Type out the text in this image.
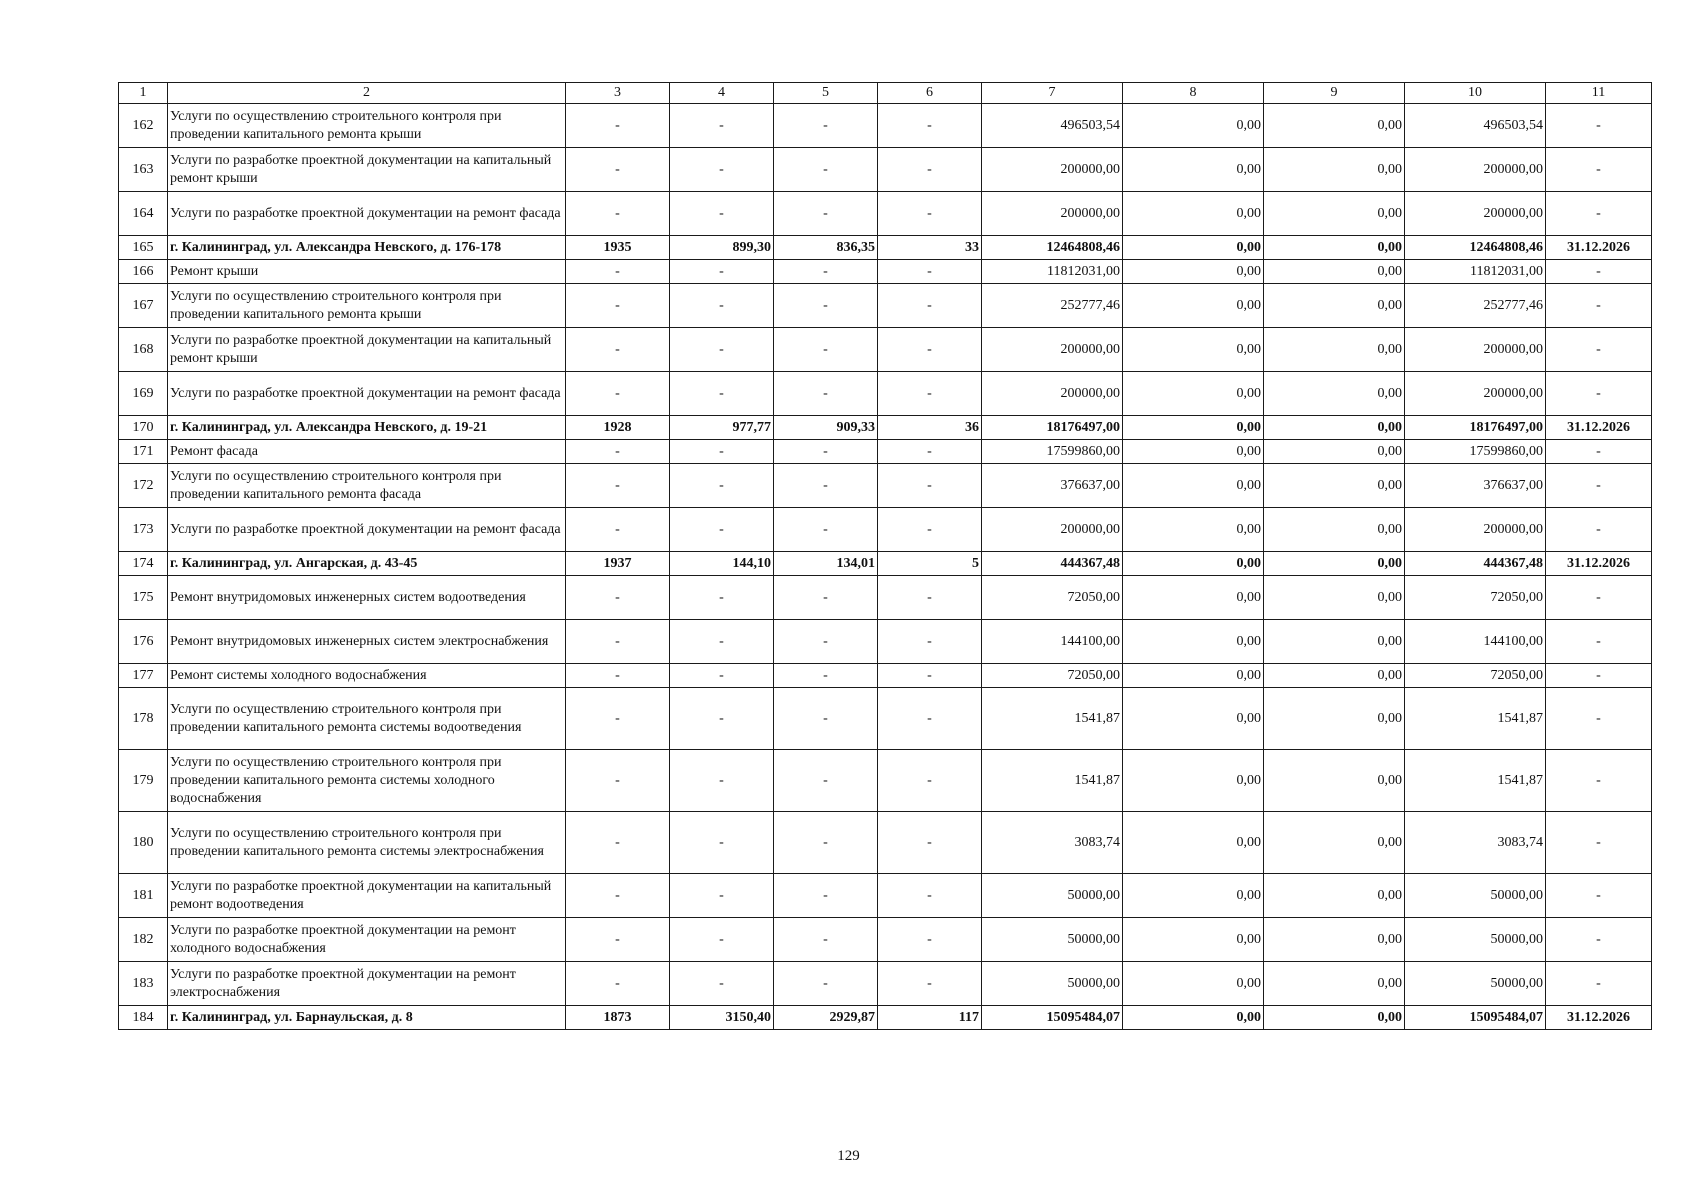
1	2	3	4	5	6	7	8	9	10	11
162	Услуги по осуществлению строительного контроля при проведении капитального ремонта крыши	-	-	-	-	496503,54	0,00	0,00	496503,54	-
163	Услуги по разработке проектной документации на капитальный ремонт крыши	-	-	-	-	200000,00	0,00	0,00	200000,00	-
164	Услуги по разработке проектной документации на ремонт фасада	-	-	-	-	200000,00	0,00	0,00	200000,00	-
165	г. Калининград, ул. Александра Невского, д. 176-178	1935	899,30	836,35	33	12464808,46	0,00	0,00	12464808,46	31.12.2026
166	Ремонт крыши	-	-	-	-	11812031,00	0,00	0,00	11812031,00	-
167	Услуги по осуществлению строительного контроля при проведении капитального ремонта крыши	-	-	-	-	252777,46	0,00	0,00	252777,46	-
168	Услуги по разработке проектной документации на капитальный ремонт крыши	-	-	-	-	200000,00	0,00	0,00	200000,00	-
169	Услуги по разработке проектной документации на ремонт фасада	-	-	-	-	200000,00	0,00	0,00	200000,00	-
170	г. Калининград, ул. Александра Невского, д. 19-21	1928	977,77	909,33	36	18176497,00	0,00	0,00	18176497,00	31.12.2026
171	Ремонт фасада	-	-	-	-	17599860,00	0,00	0,00	17599860,00	-
172	Услуги по осуществлению строительного контроля при проведении капитального ремонта фасада	-	-	-	-	376637,00	0,00	0,00	376637,00	-
173	Услуги по разработке проектной документации на ремонт фасада	-	-	-	-	200000,00	0,00	0,00	200000,00	-
174	г. Калининград, ул. Ангарская, д. 43-45	1937	144,10	134,01	5	444367,48	0,00	0,00	444367,48	31.12.2026
175	Ремонт внутридомовых инженерных систем водоотведения	-	-	-	-	72050,00	0,00	0,00	72050,00	-
176	Ремонт внутридомовых инженерных систем электроснабжения	-	-	-	-	144100,00	0,00	0,00	144100,00	-
177	Ремонт системы холодного водоснабжения	-	-	-	-	72050,00	0,00	0,00	72050,00	-
178	Услуги по осуществлению строительного контроля при проведении капитального ремонта системы водоотведения	-	-	-	-	1541,87	0,00	0,00	1541,87	-
179	Услуги по осуществлению строительного контроля при проведении капитального ремонта системы холодного водоснабжения	-	-	-	-	1541,87	0,00	0,00	1541,87	-
180	Услуги по осуществлению строительного контроля при проведении капитального ремонта системы электроснабжения	-	-	-	-	3083,74	0,00	0,00	3083,74	-
181	Услуги по разработке проектной документации на капитальный ремонт водоотведения	-	-	-	-	50000,00	0,00	0,00	50000,00	-
182	Услуги по разработке проектной документации на ремонт холодного водоснабжения	-	-	-	-	50000,00	0,00	0,00	50000,00	-
183	Услуги по разработке проектной документации на ремонт электроснабжения	-	-	-	-	50000,00	0,00	0,00	50000,00	-
184	г. Калининград, ул. Барнаульская, д. 8	1873	3150,40	2929,87	117	15095484,07	0,00	0,00	15095484,07	31.12.2026
129
